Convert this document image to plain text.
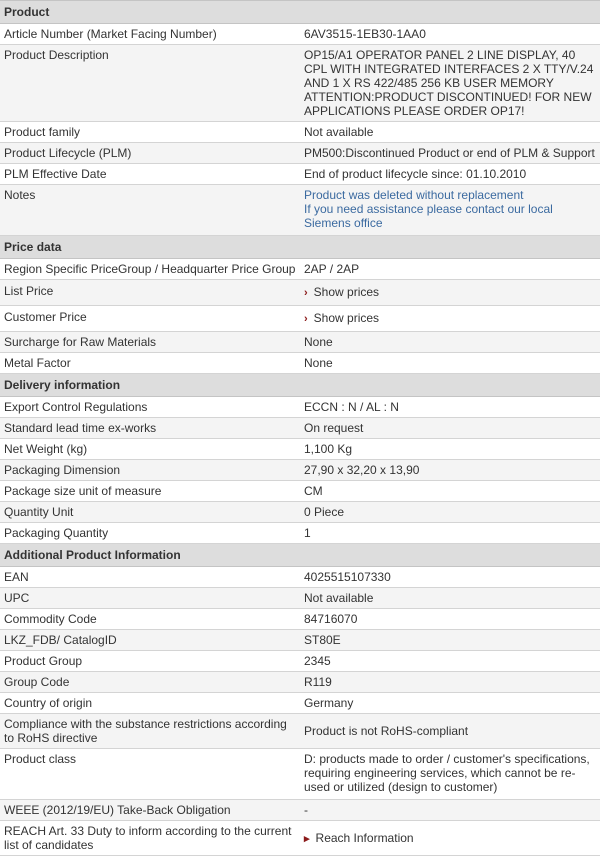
Product	
Article Number (Market Facing Number)	6AV3515-1EB30-1AA0
Product Description	OP15/A1 OPERATOR PANEL 2 LINE DISPLAY, 40 CPL WITH INTEGRATED INTERFACES 2 X TTY/V.24 AND 1 X RS 422/485 256 KB USER MEMORY ATTENTION:PRODUCT DISCONTINUED! FOR NEW APPLICATIONS PLEASE ORDER OP17!
Product family	Not available
Product Lifecycle (PLM)	PM500:Discontinued Product or end of PLM & Support
PLM Effective Date	End of product lifecycle since: 01.10.2010
Notes	Product was deleted without replacement
If you need assistance please contact our local Siemens office

Price data	
Region Specific PriceGroup / Headquarter Price Group	2AP / 2AP
List Price	› Show prices
Customer Price	› Show prices
Surcharge for Raw Materials	None
Metal Factor	None
Delivery information	
Export Control Regulations	ECCN : N / AL : N
Standard lead time ex-works	On request
Net Weight (kg)	1,100 Kg
Packaging Dimension	27,90 x 32,20 x 13,90
Package size unit of measure	CM
Quantity Unit	0 Piece
Packaging Quantity	1
Additional Product Information	
EAN	4025515107330
UPC	Not available
Commodity Code	84716070
LKZ_FDB/ CatalogID	ST80E
Product Group	2345
Group Code	R119
Country of origin	Germany
Compliance with the substance restrictions according to RoHS directive	Product is not RoHS-compliant
Product class	D: products made to order / customer's specifications, requiring engineering services, which cannot be re-used or utilized (design to customer)
WEEE (2012/19/EU) Take-Back Obligation	-
REACH Art. 33 Duty to inform according to the current list of candidates	▸ Reach Information
